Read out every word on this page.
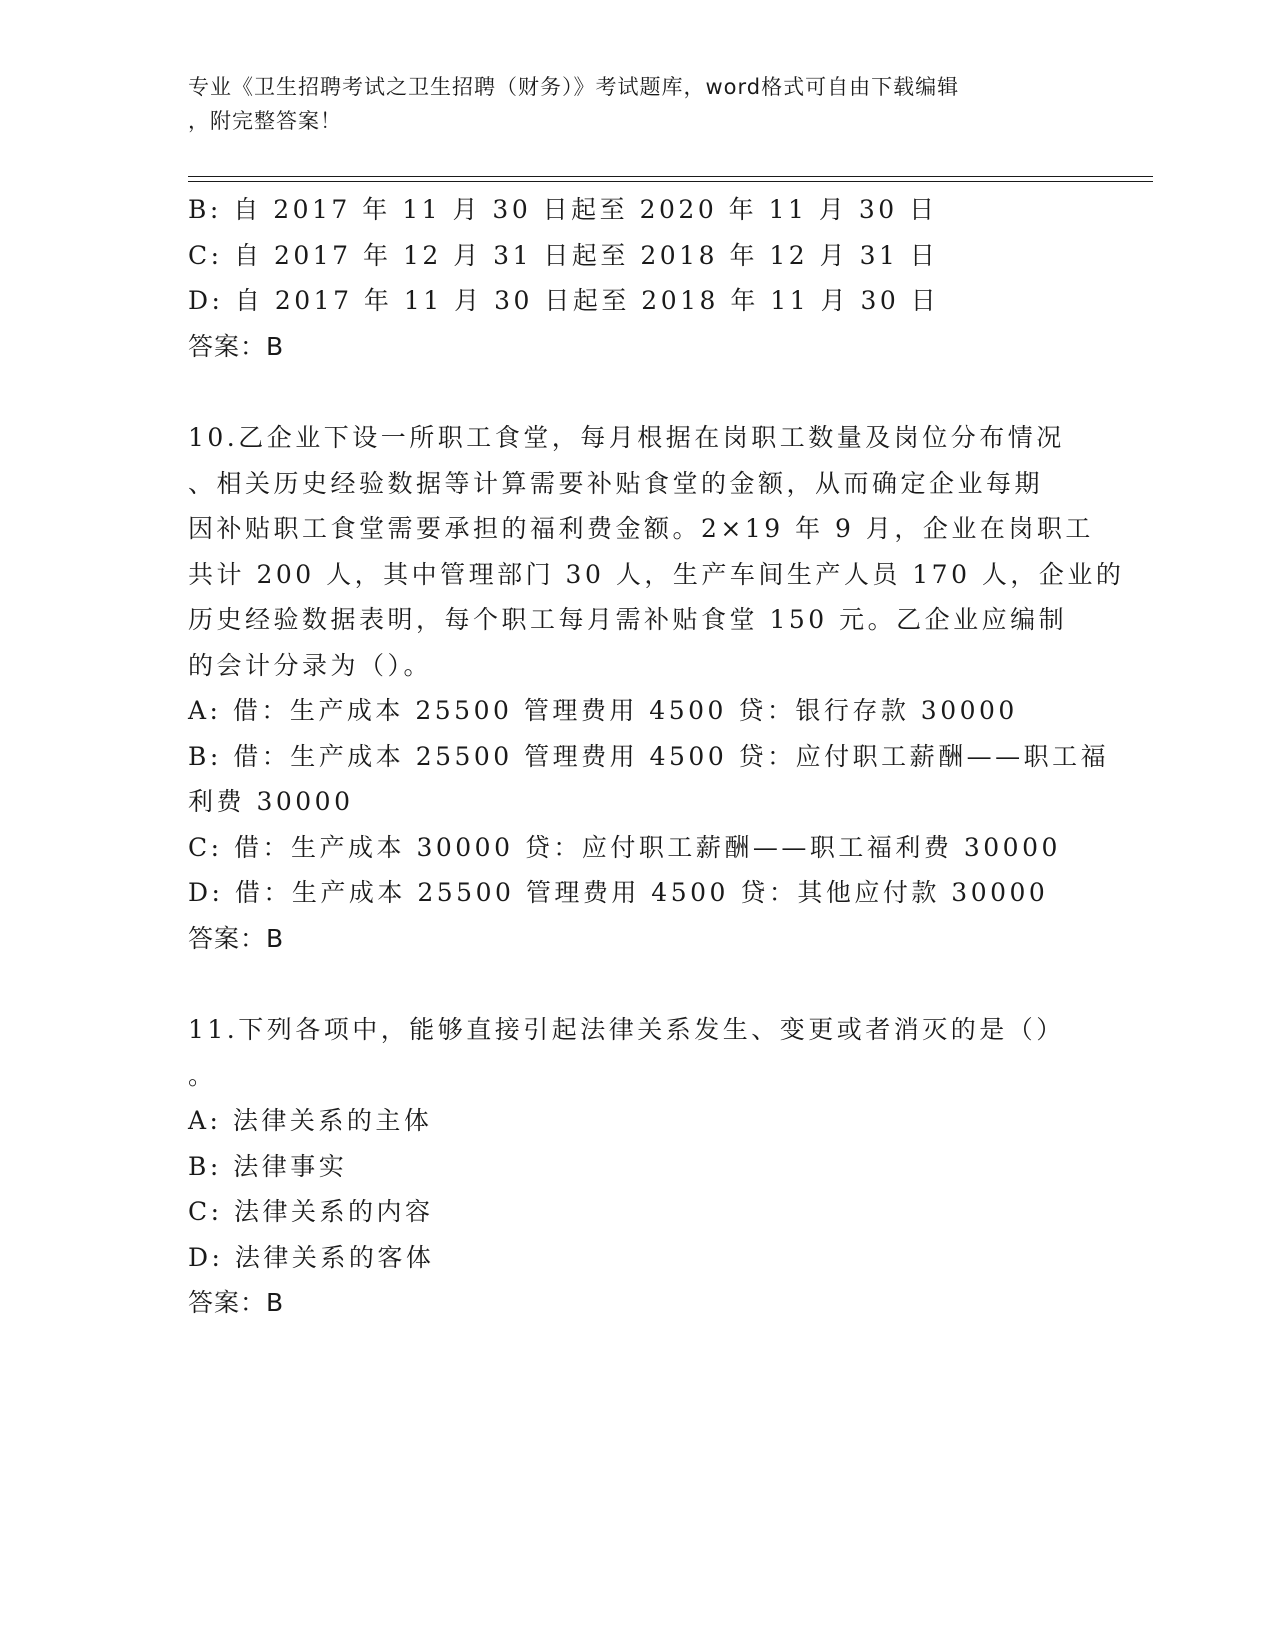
专业《卫生招聘考试之卫生招聘（财务）》考试题库，word格式可自由下载编辑
，附完整答案！
B: 自 2017 年 11 月 30 日起至 2020 年 11 月 30 日
C: 自 2017 年 12 月 31 日起至 2018 年 12 月 31 日
D: 自 2017 年 11 月 30 日起至 2018 年 11 月 30 日
答案：B
10.乙企业下设一所职工食堂，每月根据在岗职工数量及岗位分布情况
、相关历史经验数据等计算需要补贴食堂的金额，从而确定企业每期
因补贴职工食堂需要承担的福利费金额。2×19 年 9 月，企业在岗职工
共计 200 人，其中管理部门 30 人，生产车间生产人员 170 人，企业的
历史经验数据表明，每个职工每月需补贴食堂 150 元。乙企业应编制
的会计分录为（）。
A: 借：生产成本 25500 管理费用 4500 贷：银行存款 30000
B: 借：生产成本 25500 管理费用 4500 贷：应付职工薪酬——职工福
利费 30000
C: 借：生产成本 30000 贷：应付职工薪酬——职工福利费 30000
D: 借：生产成本 25500 管理费用 4500 贷：其他应付款 30000
答案：B
11.下列各项中，能够直接引起法律关系发生、变更或者消灭的是（）
。
A: 法律关系的主体
B: 法律事实
C: 法律关系的内容
D: 法律关系的客体
答案：B
